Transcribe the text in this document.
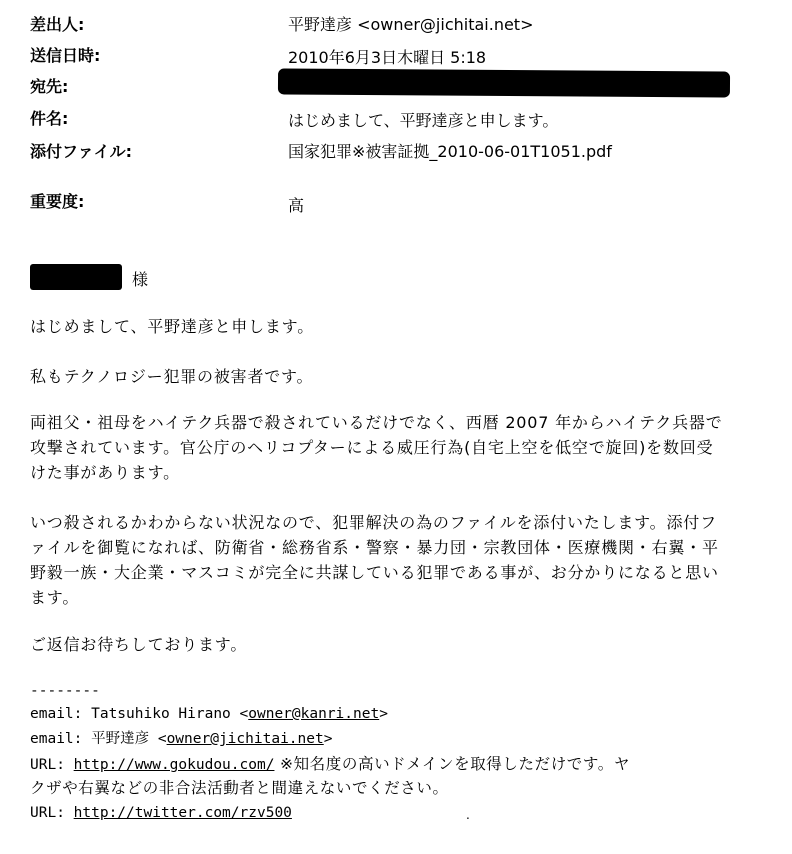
差出人:	平野達彦 <owner@jichitai.net>
送信日時:	2010年6月3日木曜日 5:18
宛先:
件名:	はじめまして、平野達彦と申します。
添付ファイル:	国家犯罪※被害証拠_2010-06-01T1051.pdf
重要度:	高
様
はじめまして、平野達彦と申します。
私もテクノロジー犯罪の被害者です。
両祖父・祖母をハイテク兵器で殺されているだけでなく、西暦 2007 年からハイテク兵器で攻撃されています。官公庁のヘリコプターによる威圧行為(自宅上空を低空で旋回)を数回受けた事があります。
いつ殺されるかわからない状況なので、犯罪解決の為のファイルを添付いたします。添付ファイルを御覧になれば、防衛省・総務省系・警察・暴力団・宗教団体・医療機関・右翼・平野毅一族・大企業・マスコミが完全に共謀している犯罪である事が、お分かりになると思います。
ご返信お待ちしております。
--------
email: Tatsuhiko Hirano <owner@kanri.net>
email: 平野達彦 <owner@jichitai.net>
URL: http://www.gokudou.com/ ※知名度の高いドメインを取得しただけです。ヤ
クザや右翼などの非合法活動者と間違えないでください。
URL: http://twitter.com/rzv500	.
